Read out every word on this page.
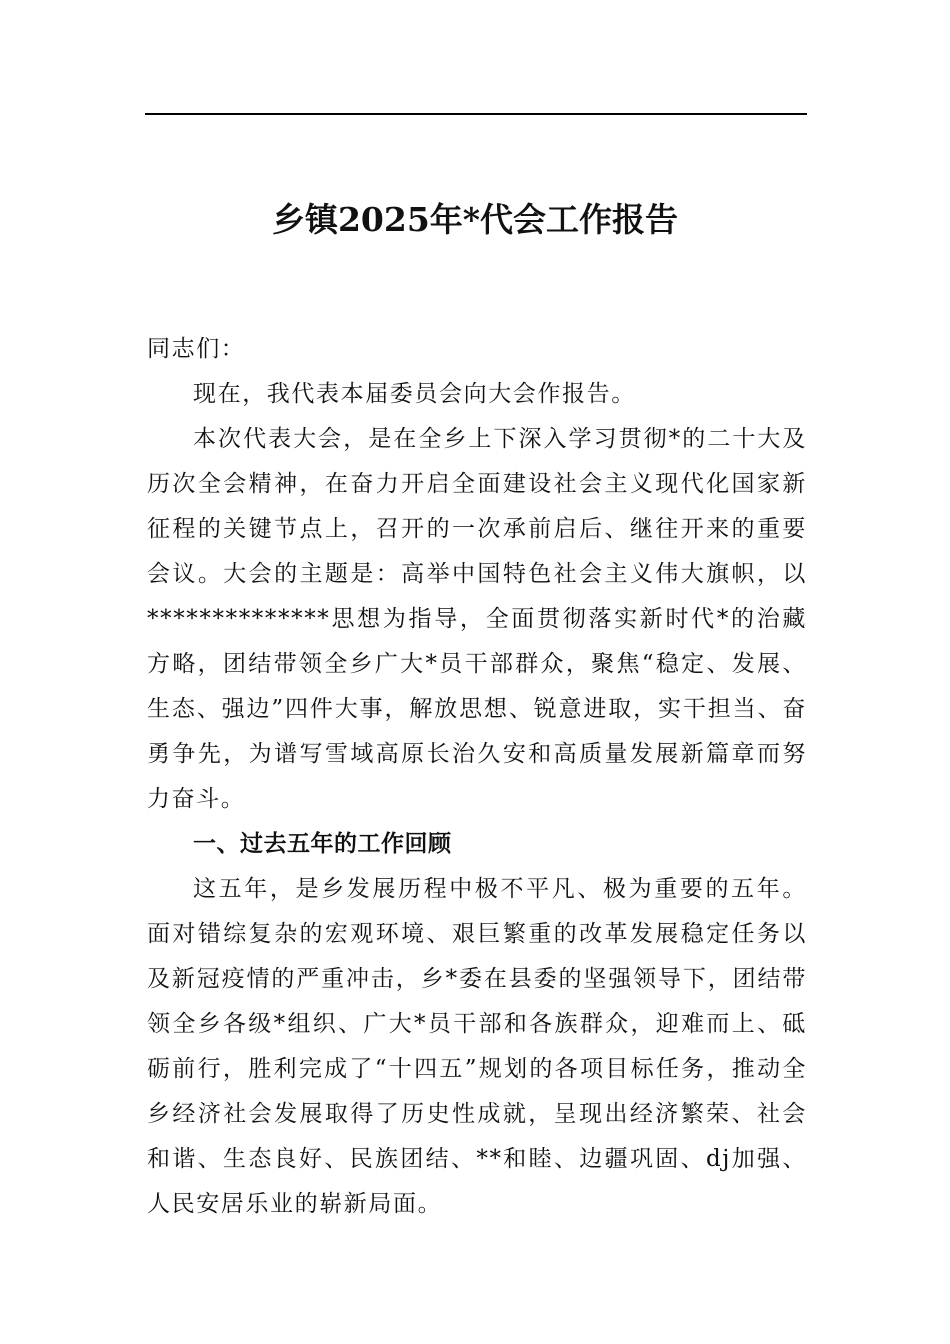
乡镇2025年*代会工作报告

同志们：

现在，我代表本届委员会向大会作报告。

本次代表大会，是在全乡上下深入学习贯彻*的二十大及历次全会精神，在奋力开启全面建设社会主义现代化国家新征程的关键节点上，召开的一次承前启后、继往开来的重要会议。大会的主题是：高举中国特色社会主义伟大旗帜，以**************思想为指导，全面贯彻落实新时代*的治藏方略，团结带领全乡广大*员干部群众，聚焦“稳定、发展、生态、强边”四件大事，解放思想、锐意进取，实干担当、奋勇争先，为谱写雪域高原长治久安和高质量发展新篇章而努力奋斗。

一、过去五年的工作回顾

这五年，是乡发展历程中极不平凡、极为重要的五年。面对错综复杂的宏观环境、艰巨繁重的改革发展稳定任务以及新冠疫情的严重冲击，乡*委在县委的坚强领导下，团结带领全乡各级*组织、广大*员干部和各族群众，迎难而上、砥砺前行，胜利完成了“十四五”规划的各项目标任务，推动全乡经济社会发展取得了历史性成就，呈现出经济繁荣、社会和谐、生态良好、民族团结、**和睦、边疆巩固、dj加强、人民安居乐业的崭新局面。
